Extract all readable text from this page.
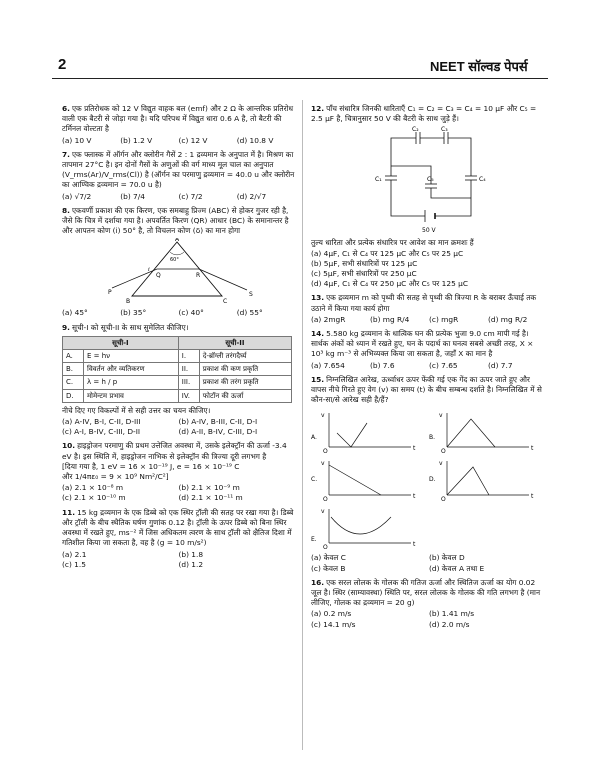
2	NEET सॉल्वड पेपर्स
6. एक प्रतिरोधक को 12 V विद्युत वाहक बल (emf) और 2 Ω के आन्तरिक प्रतिरोध वाली एक बैटरी से जोड़ा गया है। यदि परिपथ में विद्युत धारा 0.6 A है, तो बैटरी की टर्मिनल वोल्टता है
(a) 10 V	(b) 1.2 V	(c) 12 V	(d) 10.8 V
7. एक फ्लास्क में ऑर्गन और क्लोरीन गैसें 2 : 1 द्रव्यमान के अनुपात में है। मिश्रण का तापमान 27°C है। इन दोनों गैसों के अणुओं की वर्ग माध्य मूल चाल का अनुपात (V_rms(Ar)/V_rms(Cl)) है (ऑर्गन का परमाणु द्रव्यमान = 40.0 u और क्लोरीन का आण्विक द्रव्यमान = 70.0 u है)
(a) √7/2	(b) 7/4	(c) 7/2	(d) 2/√7
8. एकवर्णी प्रकाश की एक किरण, एक समबाहु प्रिज्म (ABC) से होकर गुजर रही है, जैसे कि चित्र में दर्शाया गया है। अपवर्तित किरण (QR) आधार (BC) के समानान्तर है और आपतन कोण (i) 50° है, तो विचलन कोण (δ) का मान होगा
A
B	C
P
Q	R
S
60°
i
(a) 45°	(b) 35°	(c) 40°	(d) 55°
9. सूची-I को सूची-II के साथ सुमेलित कीजिए।
सूची-I		सूची-II	
A.	E = hν	I.	दे-ब्रॉग्ली तरंगदैर्घ्य
B.	विवर्तन और व्यतिकरण	II.	प्रकाश की कण प्रकृति
C.	λ = h / p	III.	प्रकाश की तरंग प्रकृति
D.	मोमेन्टम प्रभाव	IV.	फोटॉन की ऊर्जा
नीचे दिए गए विकल्पों में से सही उत्तर का चयन कीजिए।
(a) A-IV, B-I, C-II, D-III	(b) A-IV, B-III, C-II, D-I
(c) A-I, B-IV, C-III, D-II	(d) A-II, B-IV, C-III, D-I
10. हाइड्रोजन परमाणु की प्रथम उत्तेजित अवस्था में, उसके इलेक्ट्रॉन की ऊर्जा -3.4 eV है। इस स्थिति में, हाइड्रोजन नाभिक से इलेक्ट्रॉन की त्रिज्या दूरी लगभग है
[दिया गया है, 1 eV = 16 × 10⁻¹⁹ J, e = 16 × 10⁻¹⁹ C
और 1/4πε₀ = 9 × 10⁹ Nm²/C²]
(a) 2.1 × 10⁻⁸ m	(b) 2.1 × 10⁻⁹ m
(c) 2.1 × 10⁻¹⁰ m	(d) 2.1 × 10⁻¹¹ m
11. 15 kg द्रव्यमान के एक डिब्बे को एक स्थिर ट्रॉली की सतह पर रखा गया है। डिब्बे और ट्रॉली के बीच स्थैतिक घर्षण गुणांक 0.12 है। ट्रॉली के ऊपर डिब्बे को बिना स्थिर अवस्था में रखते हुए, ms⁻² में जिस अधिकतम त्वरण के साथ ट्रॉली को क्षैतिज दिशा में गतिशील किया जा सकता है, वह है (g = 10 m/s²)
(a) 2.1	(b) 1.8
(c) 1.5	(d) 1.2
12. पाँच संधारित्र जिनकी धारिताएँ C₁ = C₂ = C₃ = C₄ = 10 μF और C₅ = 2.5 μF है, चित्रानुसार 50 V की बैटरी के साथ जुड़े हैं।
C₂	C₃
C₁	C₄
C₅
50 V
तुल्य धारिता और प्रत्येक संधारित्र पर आवेश का मान क्रमशः हैं
(a) 4μF, C₁ से C₄ पर 125 μC और C₅ पर 25 μC
(b) 5μF, सभी संधारित्रों पर 125 μC
(c) 5μF, सभी संधारित्रों पर 250 μC
(d) 4μF, C₁ से C₄ पर 250 μC और C₅ पर 125 μC
13. एक द्रव्यमान m को पृथ्वी की सतह से पृथ्वी की त्रिज्या R के बराबर ऊँचाई तक उठाने में किया गया कार्य होगा
(a) 2mgR	(b) mg R/4	(c) mgR	(d) mg R/2
14. 5.580 kg द्रव्यमान के धात्विक घन की प्रत्येक भुजा 9.0 cm मापी गई है। सार्थक अंकों को ध्यान में रखते हुए, घन के पदार्थ का घनत्व सबसे अच्छी तरह, X × 10³ kg m⁻³ से अभिव्यक्त किया जा सकता है, जहाँ X का मान है
(a) 7.654	(b) 7.6	(c) 7.65	(d) 7.7
15. निम्नलिखित आरेख, ऊर्ध्वाधर ऊपर फेंकी गई एक गेंद का ऊपर जाते हुए और वापस नीचे गिरते हुए वेग (v) का समय (t) के बीच सम्बन्ध दर्शाते है। निम्नलिखित में से कौन-सा/से आरेख सही है/हैं?
v
t
O
A.
v
t
O
B.
v
t
O
C.
v
t
O
D.
v
t
O
E.
(a) केवल C	(b) केवल D
(c) केवल B	(d) केवल A तथा E
16. एक सरल लोलक के गोलक की गतिज ऊर्जा और स्थितिज ऊर्जा का योग 0.02 जूल है। स्थिर (साम्यावस्था) स्थिति पर, सरल लोलक के गोलक की गति लगभग है (मान लीजिए, गोलक का द्रव्यमान = 20 g)
(a) 0.2 m/s	(b) 1.41 m/s
(c) 14.1 m/s	(d) 2.0 m/s
